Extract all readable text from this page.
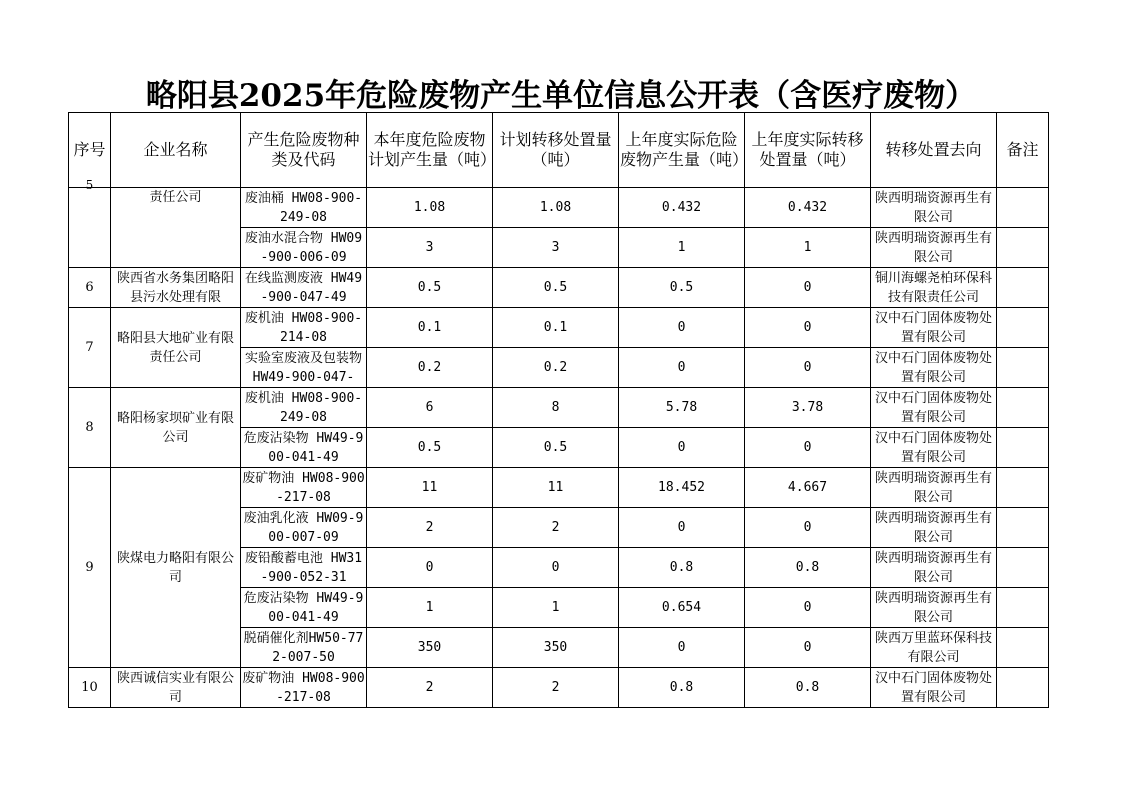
略阳县2025年危险废物产生单位信息公开表（含医疗废物）
序号	企业名称	产生危险废物种类及代码	本年度危险废物计划产生量（吨）	计划转移处置量（吨）	上年度实际危险废物产生量（吨）	上年度实际转移处置量（吨）	转移处置去向	备注

5	责任公司	废油桶 HW08-900-249-08	1.08	1.08	0.432	0.432	陕西明瑞资源再生有限公司	

		废油水混合物 HW09-900-006-09	3	3	1	1	陕西明瑞资源再生有限公司	

6	陕西省水务集团略阳县污水处理有限	在线监测废液 HW49-900-047-49	0.5	0.5	0.5	0	铜川海螺尧柏环保科技有限责任公司	

7	略阳县大地矿业有限责任公司	废机油 HW08-900-214-08	0.1	0.1	0	0	汉中石门固体废物处置有限公司	

		实验室废液及包装物 HW49-900-047-	0.2	0.2	0	0	汉中石门固体废物处置有限公司	

8	略阳杨家坝矿业有限公司	废机油 HW08-900-249-08	6	8	5.78	3.78	汉中石门固体废物处置有限公司	

		危废沾染物 HW49-900-041-49	0.5	0.5	0	0	汉中石门固体废物处置有限公司	

9	陕煤电力略阳有限公司	废矿物油 HW08-900-217-08	11	11	18.452	4.667	陕西明瑞资源再生有限公司	

		废油乳化液 HW09-900-007-09	2	2	0	0	陕西明瑞资源再生有限公司	

		废铅酸蓄电池 HW31-900-052-31	0	0	0.8	0.8	陕西明瑞资源再生有限公司	

		危废沾染物 HW49-900-041-49	1	1	0.654	0	陕西明瑞资源再生有限公司	

		脱硝催化剂HW50-772-007-50	350	350	0	0	陕西万里蓝环保科技有限公司	

10	陕西诚信实业有限公司	废矿物油 HW08-900-217-08	2	2	0.8	0.8	汉中石门固体废物处置有限公司	
